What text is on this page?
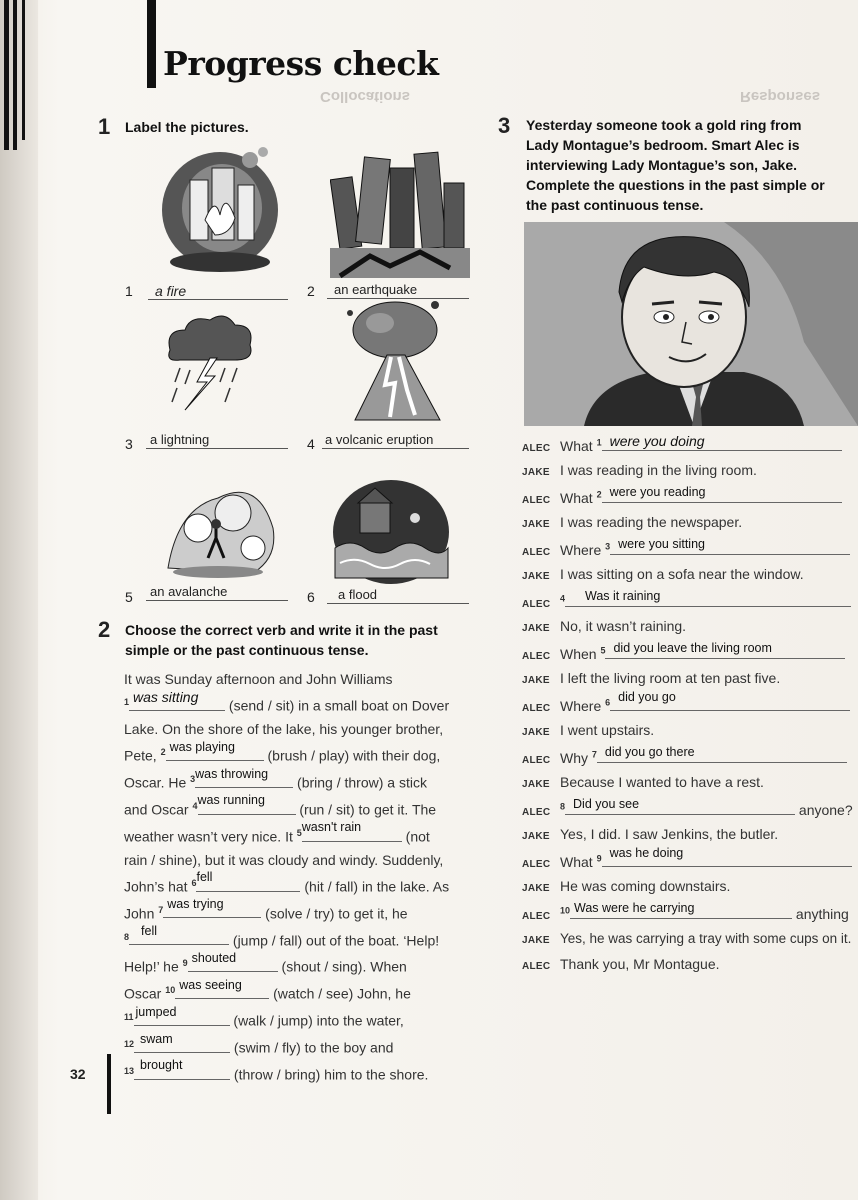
Progress check
Collocations	Responses
1 Label the pictures.
1	a fire	2	an earthquake
3	a lightning	4 a volcanic eruption
5	an avalanche	6	a flood
2 Choose the correct verb and write it in the past
simple or the past continuous tense.
It was Sunday afternoon and John Williams
$^1$ was sitting
(send / sit) in a small boat on Dover
Lake. On the shore of the lake, his younger brother,
Pete, $^2$ was playing
(brush / play) with their dog,
Oscar. He $^3$ was throwing
(bring / throw) a stick
and Oscar $^4$ was running
(run / sit) to get it. The
weather wasn’t very nice. It $^5$ wasn't rain
(not
rain / shine), but it was cloudy and windy. Suddenly,
John’s hat $^6$ fell
(hit / fall) in the lake. As
John $^7$ was trying
(solve / try) to get it, he
$^8$ fell
(jump / fall) out of the boat. ‘Help!
Help!’ he $^9$ shouted
(shout / sing). When
Oscar $^{10}$ was seeing
(watch / see) John, he
$^{11}$ jumped
(walk / jump) into the water,
$^{12}$ swam
(swim / fly) to the boy and
$^{13}$ brought
(throw / bring) him to the shore.
3 Yesterday someone took a gold ring from
Lady Montague’s bedroom. Smart Alec is
interviewing Lady Montague’s son, Jake.
Complete the questions in the past simple or
the past continuous tense.
ALEC What $^1$ were you doing
JAKE I was reading in the living room.
ALEC What $^2$ were you reading
JAKE I was reading the newspaper.
ALEC Where $^3$ were you sitting
JAKE I was sitting on a sofa near the window.
ALEC$^4$ Was it raining
JAKE No, it wasn’t raining.
ALEC When $^5$ did you leave the living room
JAKE I left the living room at ten past five.
ALEC Where $^6$ did you go
JAKE I went upstairs.
ALEC Why $^7$ did you go there
JAKE Because I wanted to have a rest.
ALEC$^8$ Did you see	anyone?
JAKE Yes, I did. I saw Jenkins, the butler.
ALEC What $^9$ was he doing
JAKE He was coming downstairs.
ALEC$^{10}$ Was were he carrying	anything
JAKE Yes, he was carrying a tray with some cups on it.
ALEC Thank you, Mr Montague.
32
